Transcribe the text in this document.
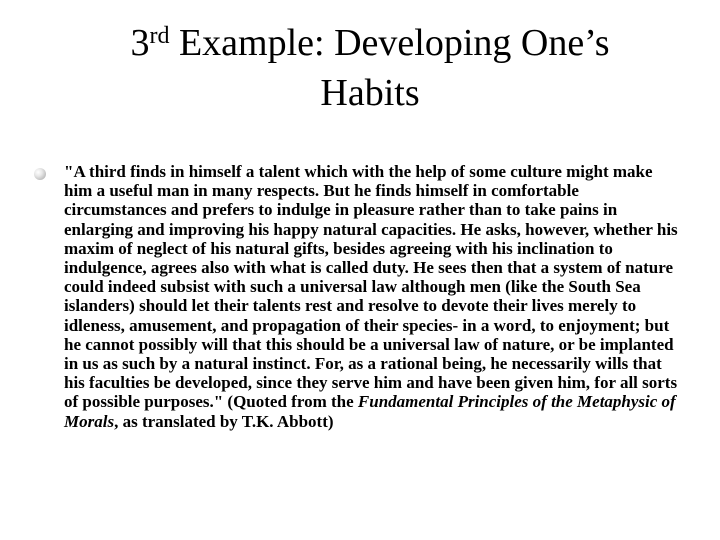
3rd Example: Developing One’s
Habits

"A third finds in himself a talent which with the help of some culture might make him a useful man in many respects. But he finds himself in comfortable circumstances and prefers to indulge in pleasure rather than to take pains in enlarging and improving his happy natural capacities. He asks, however, whether his maxim of neglect of his natural gifts, besides agreeing with his inclination to indulgence, agrees also with what is called duty. He sees then that a system of nature could indeed subsist with such a universal law although men (like the South Sea islanders) should let their talents rest and resolve to devote their lives merely to idleness, amusement, and propagation of their species- in a word, to enjoyment; but he cannot possibly will that this should be a universal law of nature, or be implanted in us as such by a natural instinct. For, as a rational being, he necessarily wills that his faculties be developed, since they serve him and have been given him, for all sorts of possible purposes." (Quoted from the Fundamental Principles of the Metaphysic of Morals, as translated by T.K. Abbott)
